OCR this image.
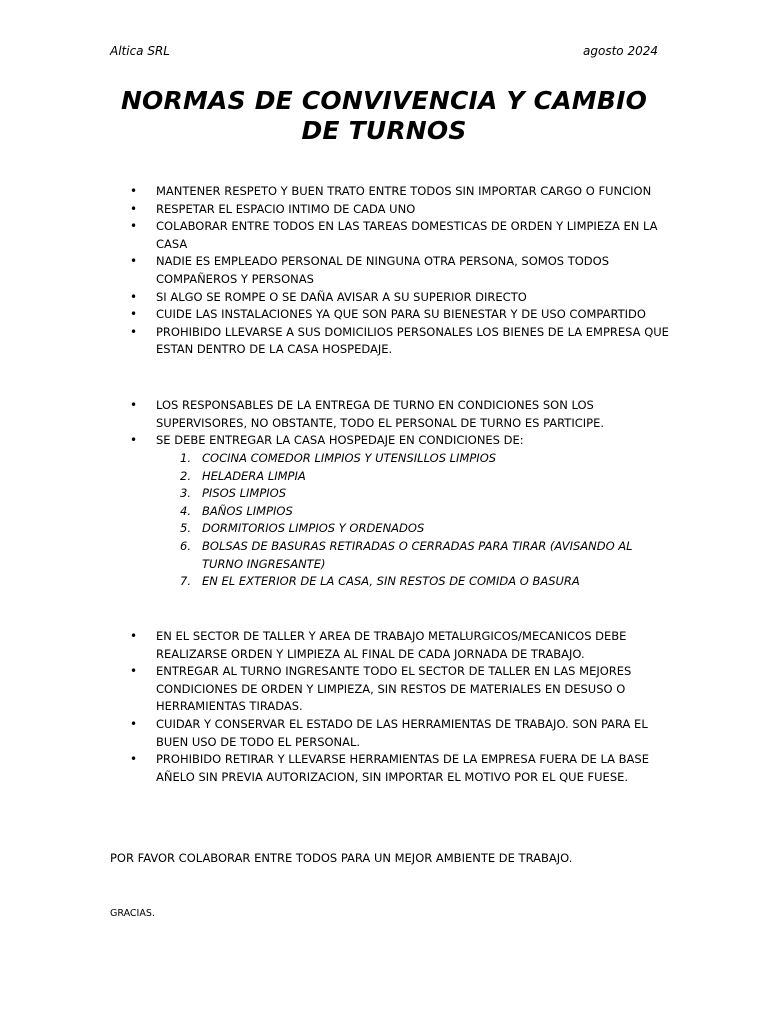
Altica SRL	agosto 2024
NORMAS DE CONVIVENCIA Y CAMBIO DE TURNOS
• MANTENER RESPETO Y BUEN TRATO ENTRE TODOS SIN IMPORTAR CARGO O FUNCION
• RESPETAR EL ESPACIO INTIMO DE CADA UNO
• COLABORAR ENTRE TODOS EN LAS TAREAS DOMESTICAS DE ORDEN Y LIMPIEZA EN LA CASA
• NADIE ES EMPLEADO PERSONAL DE NINGUNA OTRA PERSONA, SOMOS TODOS COMPAÑEROS Y PERSONAS
• SI ALGO SE ROMPE O SE DAÑA AVISAR A SU SUPERIOR DIRECTO
• CUIDE LAS INSTALACIONES YA QUE SON PARA SU BIENESTAR Y DE USO COMPARTIDO
• PROHIBIDO LLEVARSE A SUS DOMICILIOS PERSONALES LOS BIENES DE LA EMPRESA QUE ESTAN DENTRO DE LA CASA HOSPEDAJE.
• LOS RESPONSABLES DE LA ENTREGA DE TURNO EN CONDICIONES SON LOS SUPERVISORES, NO OBSTANTE, TODO EL PERSONAL DE TURNO ES PARTICIPE.
• SE DEBE ENTREGAR LA CASA HOSPEDAJE EN CONDICIONES DE:
1. COCINA COMEDOR LIMPIOS Y UTENSILLOS LIMPIOS
2. HELADERA LIMPIA
3. PISOS LIMPIOS
4. BAÑOS LIMPIOS
5. DORMITORIOS LIMPIOS Y ORDENADOS
6. BOLSAS DE BASURAS RETIRADAS O CERRADAS PARA TIRAR (AVISANDO AL TURNO INGRESANTE)
7. EN EL EXTERIOR DE LA CASA, SIN RESTOS DE COMIDA O BASURA
• EN EL SECTOR DE TALLER Y AREA DE TRABAJO METALURGICOS/MECANICOS DEBE REALIZARSE ORDEN Y LIMPIEZA AL FINAL DE CADA JORNADA DE TRABAJO.
• ENTREGAR AL TURNO INGRESANTE TODO EL SECTOR DE TALLER EN LAS MEJORES CONDICIONES DE ORDEN Y LIMPIEZA, SIN RESTOS DE MATERIALES EN DESUSO O HERRAMIENTAS TIRADAS.
• CUIDAR Y CONSERVAR EL ESTADO DE LAS HERRAMIENTAS DE TRABAJO. SON PARA EL BUEN USO DE TODO EL PERSONAL.
• PROHIBIDO RETIRAR Y LLEVARSE HERRAMIENTAS DE LA EMPRESA FUERA DE LA BASE AÑELO SIN PREVIA AUTORIZACION, SIN IMPORTAR EL MOTIVO POR EL QUE FUESE.
POR FAVOR COLABORAR ENTRE TODOS PARA UN MEJOR AMBIENTE DE TRABAJO.
GRACIAS.
